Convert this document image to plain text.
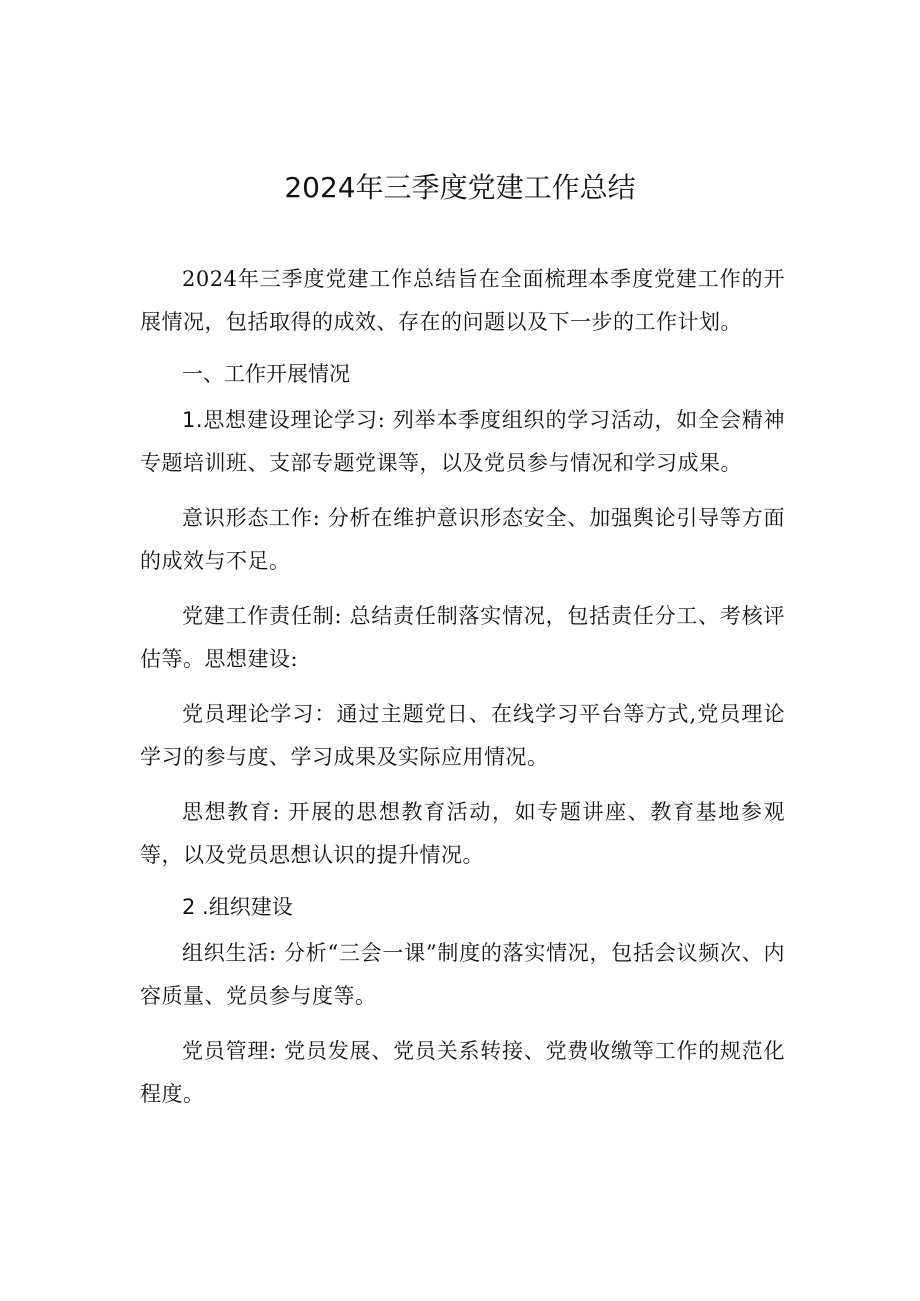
2024年三季度党建工作总结

2024年三季度党建工作总结旨在全面梳理本季度党建工作的开展情况，包括取得的成效、存在的问题以及下一步的工作计划。

一、工作开展情况

1.思想建设理论学习: 列举本季度组织的学习活动，如全会精神专题培训班、支部专题党课等，以及党员参与情况和学习成果。

意识形态工作: 分析在维护意识形态安全、加强舆论引导等方面的成效与不足。

党建工作责任制: 总结责任制落实情况，包括责任分工、考核评估等。思想建设:

党员理论学习：通过主题党日、在线学习平台等方式,党员理论学习的参与度、学习成果及实际应用情况。

思想教育: 开展的思想教育活动，如专题讲座、教育基地参观等，以及党员思想认识的提升情况。

2 .组织建设

组织生活: 分析“三会一课”制度的落实情况，包括会议频次、内容质量、党员参与度等。

党员管理: 党员发展、党员关系转接、党费收缴等工作的规范化程度。
